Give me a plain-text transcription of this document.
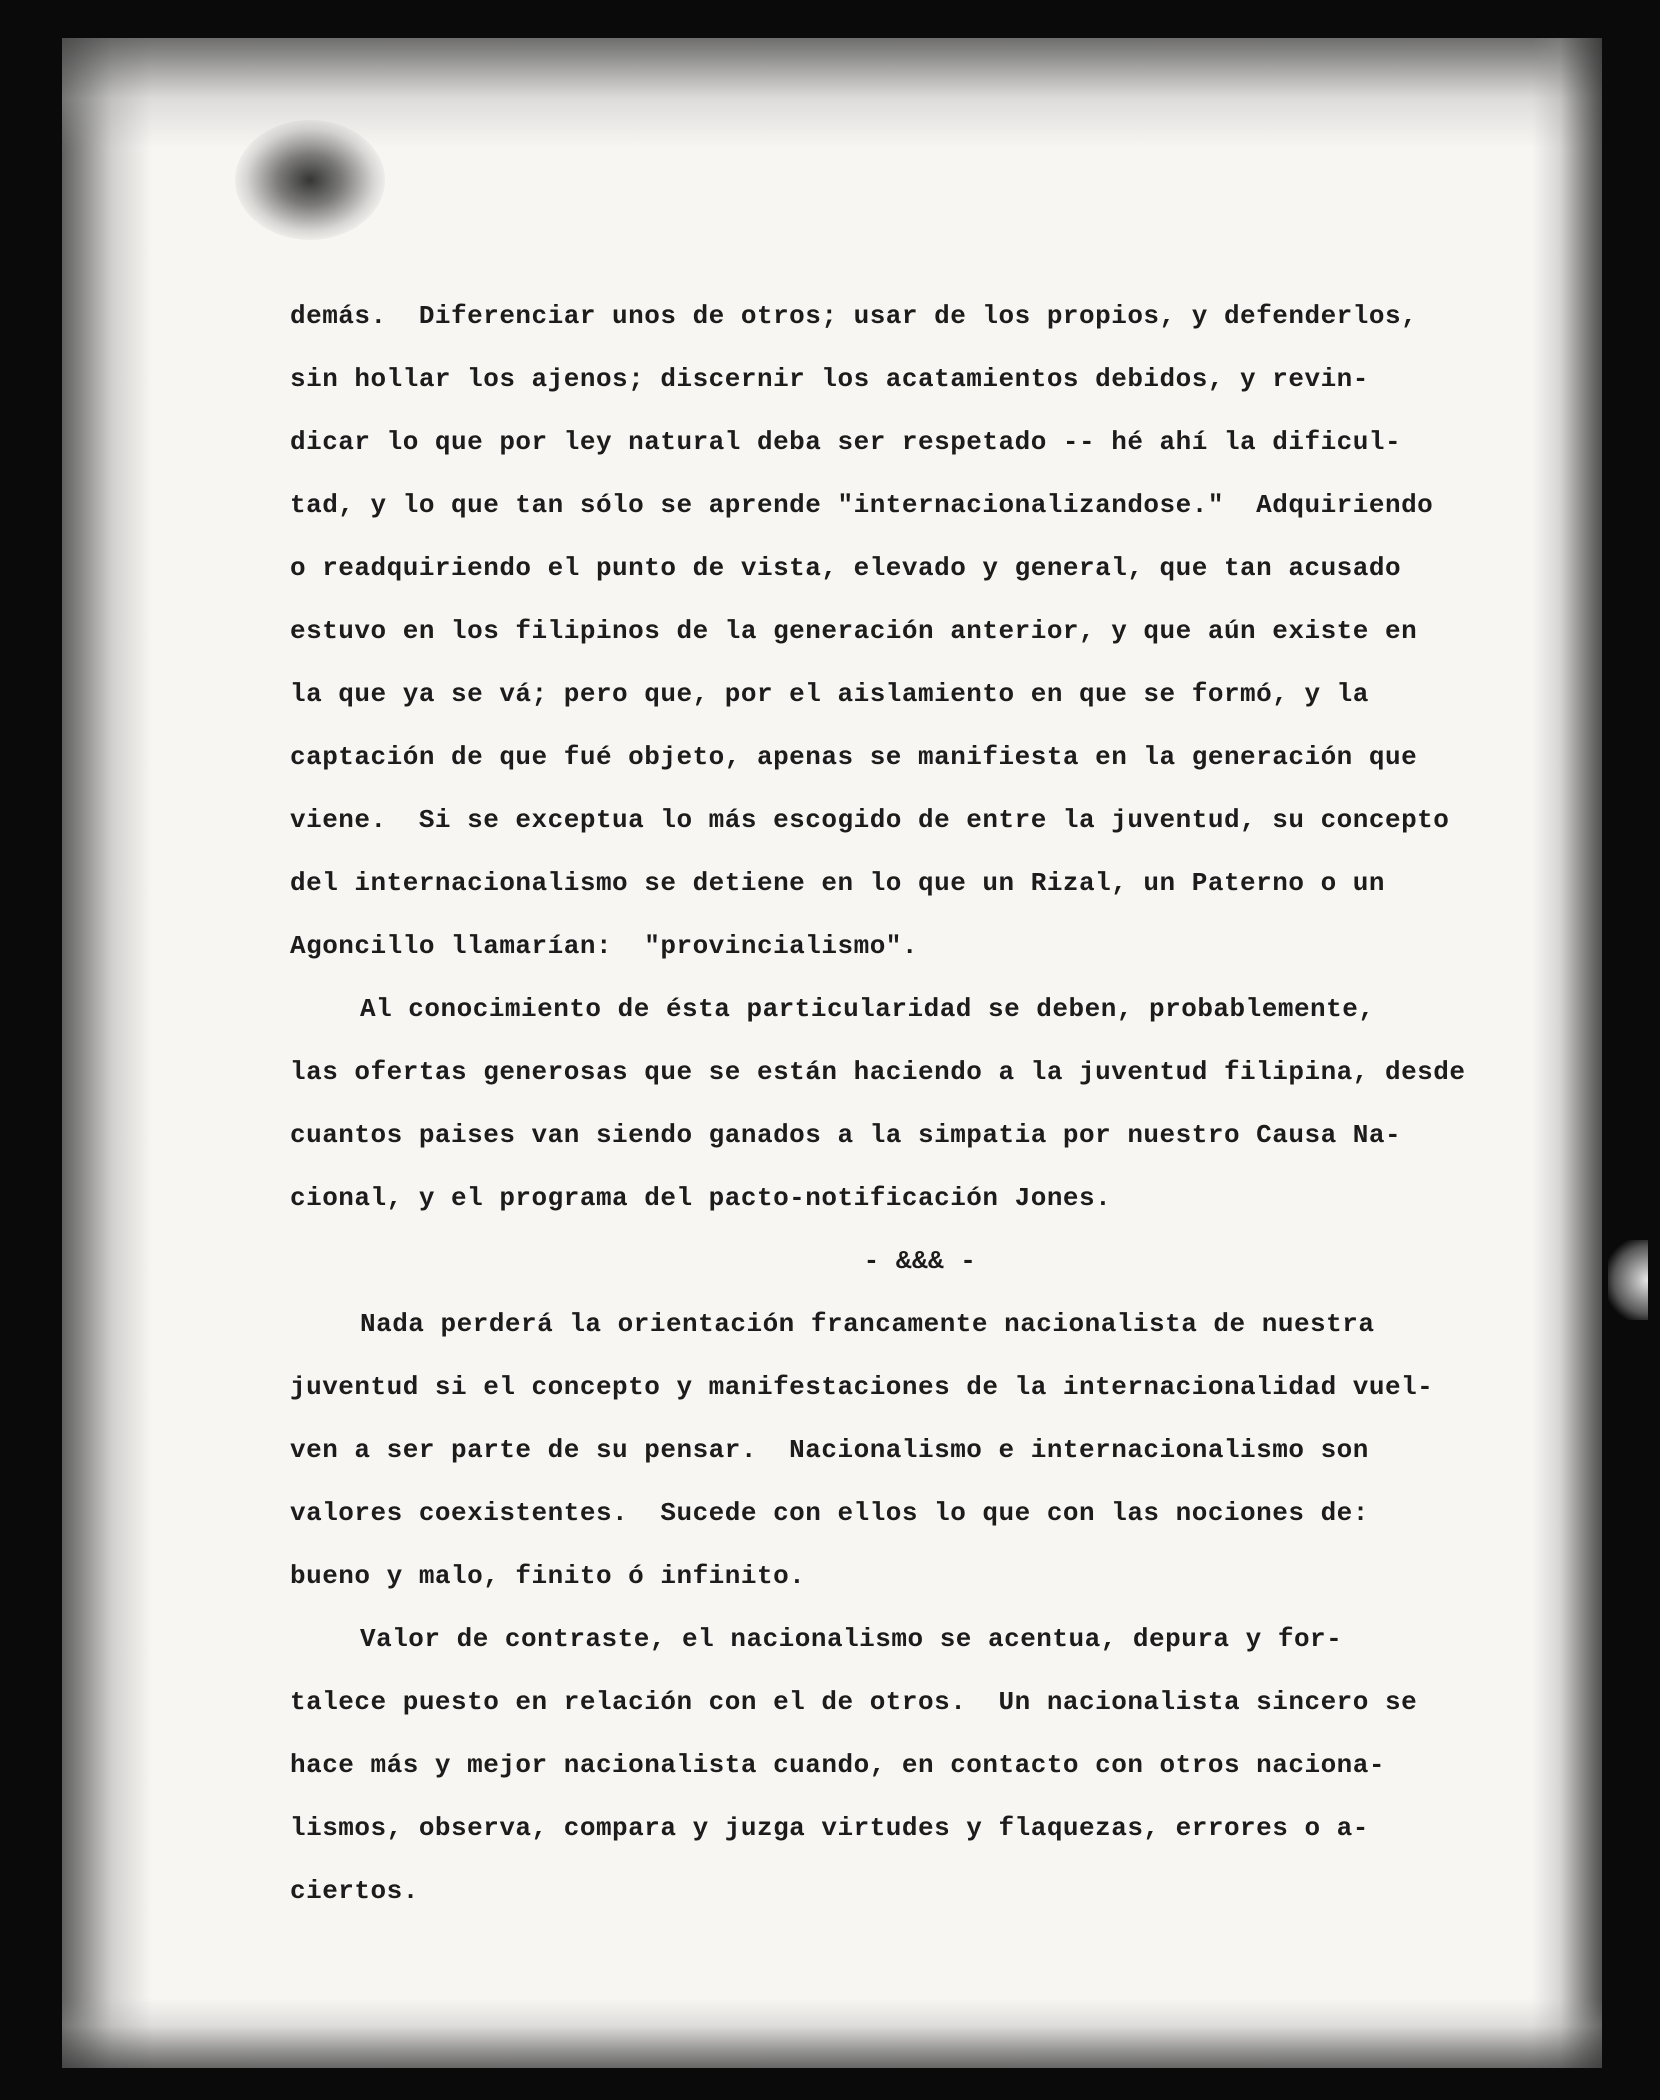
demás.  Diferenciar unos de otros; usar de los propios, y defenderlos,
sin hollar los ajenos; discernir los acatamientos debidos, y revin-
dicar lo que por ley natural deba ser respetado -- hé ahí la dificul-
tad, y lo que tan sólo se aprende "internacionalizandose."  Adquiriendo
o readquiriendo el punto de vista, elevado y general, que tan acusado
estuvo en los filipinos de la generación anterior, y que aún existe en
la que ya se vá; pero que, por el aislamiento en que se formó, y la
captación de que fué objeto, apenas se manifiesta en la generación que
viene.  Si se exceptua lo más escogido de entre la juventud, su concepto
del internacionalismo se detiene en lo que un Rizal, un Paterno o un
Agoncillo llamarían:  "provincialismo".
Al conocimiento de ésta particularidad se deben, probablemente,
las ofertas generosas que se están haciendo a la juventud filipina, desde
cuantos paises van siendo ganados a la simpatia por nuestro Causa Na-
cional, y el programa del pacto-notificación Jones.
- &&& -
Nada perderá la orientación francamente nacionalista de nuestra
juventud si el concepto y manifestaciones de la internacionalidad vuel-
ven a ser parte de su pensar.  Nacionalismo e internacionalismo son
valores coexistentes.  Sucede con ellos lo que con las nociones de:
bueno y malo, finito ó infinito.
Valor de contraste, el nacionalismo se acentua, depura y for-
talece puesto en relación con el de otros.  Un nacionalista sincero se
hace más y mejor nacionalista cuando, en contacto con otros naciona-
lismos, observa, compara y juzga virtudes y flaquezas, errores o a-
ciertos.
